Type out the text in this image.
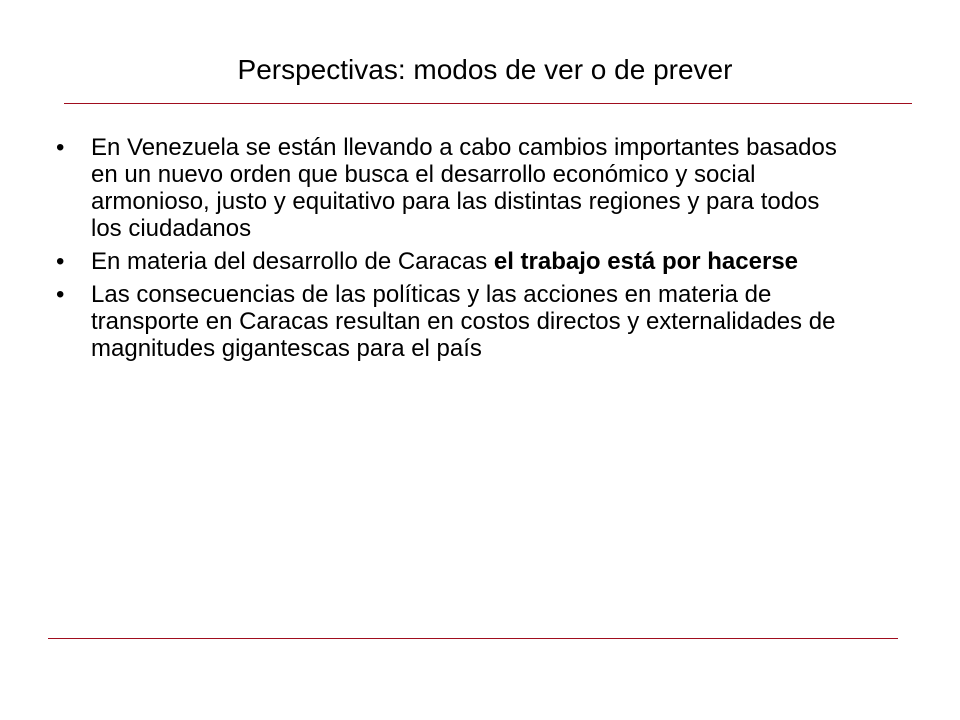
Perspectivas: modos de ver o de prever
•	En Venezuela se están llevando a cabo cambios importantes basados en un nuevo orden que busca el desarrollo económico y social armonioso, justo y equitativo para las distintas regiones y para todos los ciudadanos
•	En materia del desarrollo de Caracas el trabajo está por hacerse
•	Las consecuencias de las políticas y las acciones en materia de transporte en Caracas resultan en costos directos y externalidades de magnitudes gigantescas para el país
